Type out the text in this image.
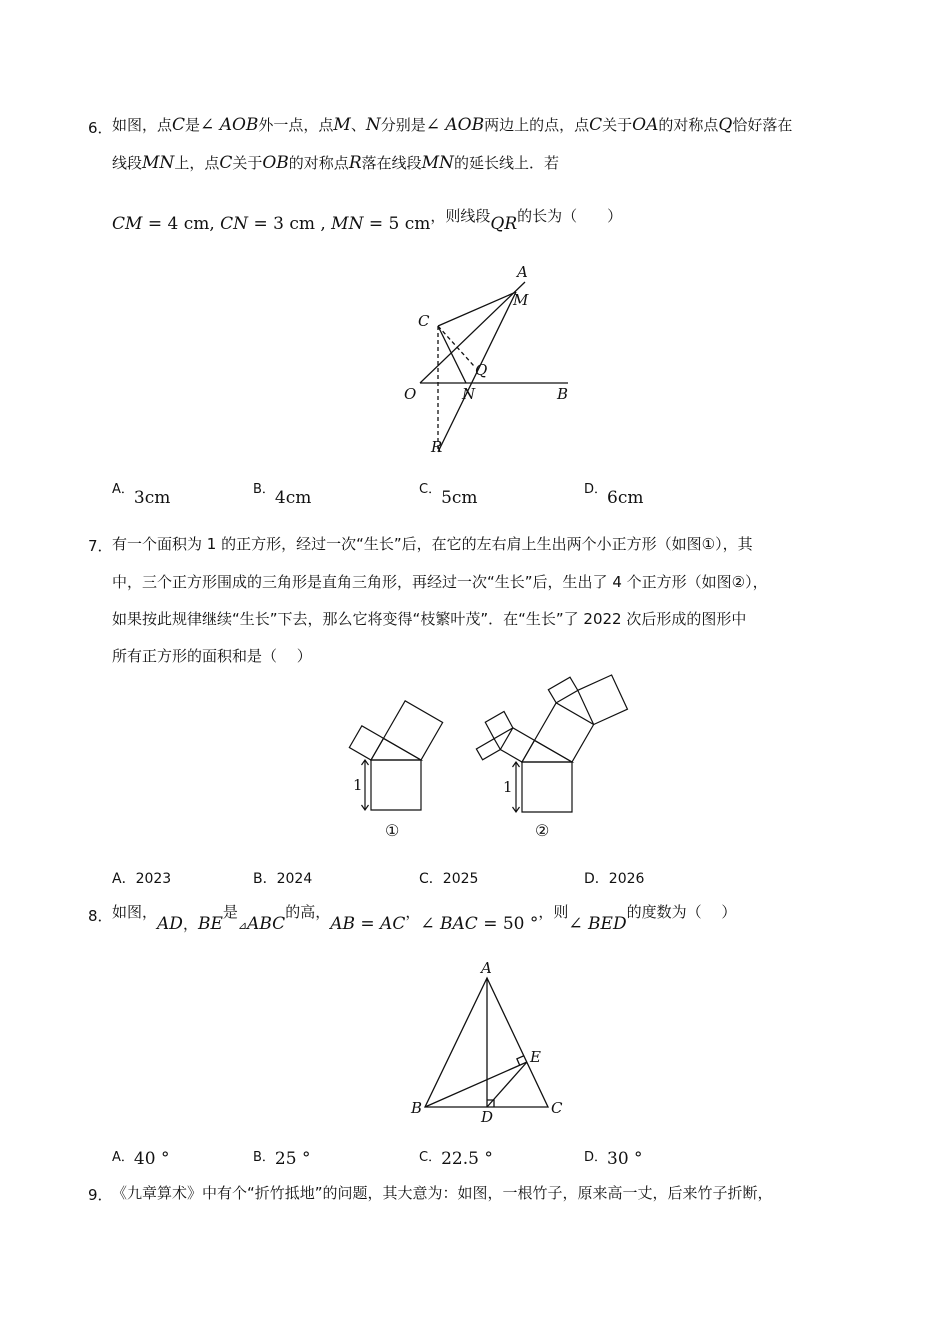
6． 如图，点C是∠ AOB外一点，点M、N分别是∠ AOB两边上的点，点C关于OA的对称点Q恰好落在
线段MN上，点C关于OB的对称点R落在线段MN的延长线上．若
CM = 4 cm, CN = 3 cm , MN = 5 cm，则线段QR的长为（　　）
A
M
C
Q
O	N	B
R
A．3cm	B．4cm	C．5cm	D．6cm
7． 有一个面积为 1 的正方形，经过一次“生长”后，在它的左右肩上生出两个小正方形（如图①），其
中，三个正方形围成的三角形是直角三角形，再经过一次“生长”后，生出了 4 个正方形（如图②），
如果按此规律继续“生长”下去，那么它将变得“枝繁叶茂”．在“生长”了 2022 次后形成的图形中
所有正方形的面积和是（　 ）
1	1
①	②
A．2023	B．2024	C．2025	D．2026
8． 如图，AD，BE是$_⊿$ABC的高，AB = AC，∠ BAC = 50 °，则∠ BED的度数为（　 ）
A
B	C
D
E
A．40 °	B．25 °	C．22.5 °	D．30 °
9． 《九章算术》中有个“折竹抵地”的问题，其大意为：如图，一根竹子，原来高一丈，后来竹子折断，
